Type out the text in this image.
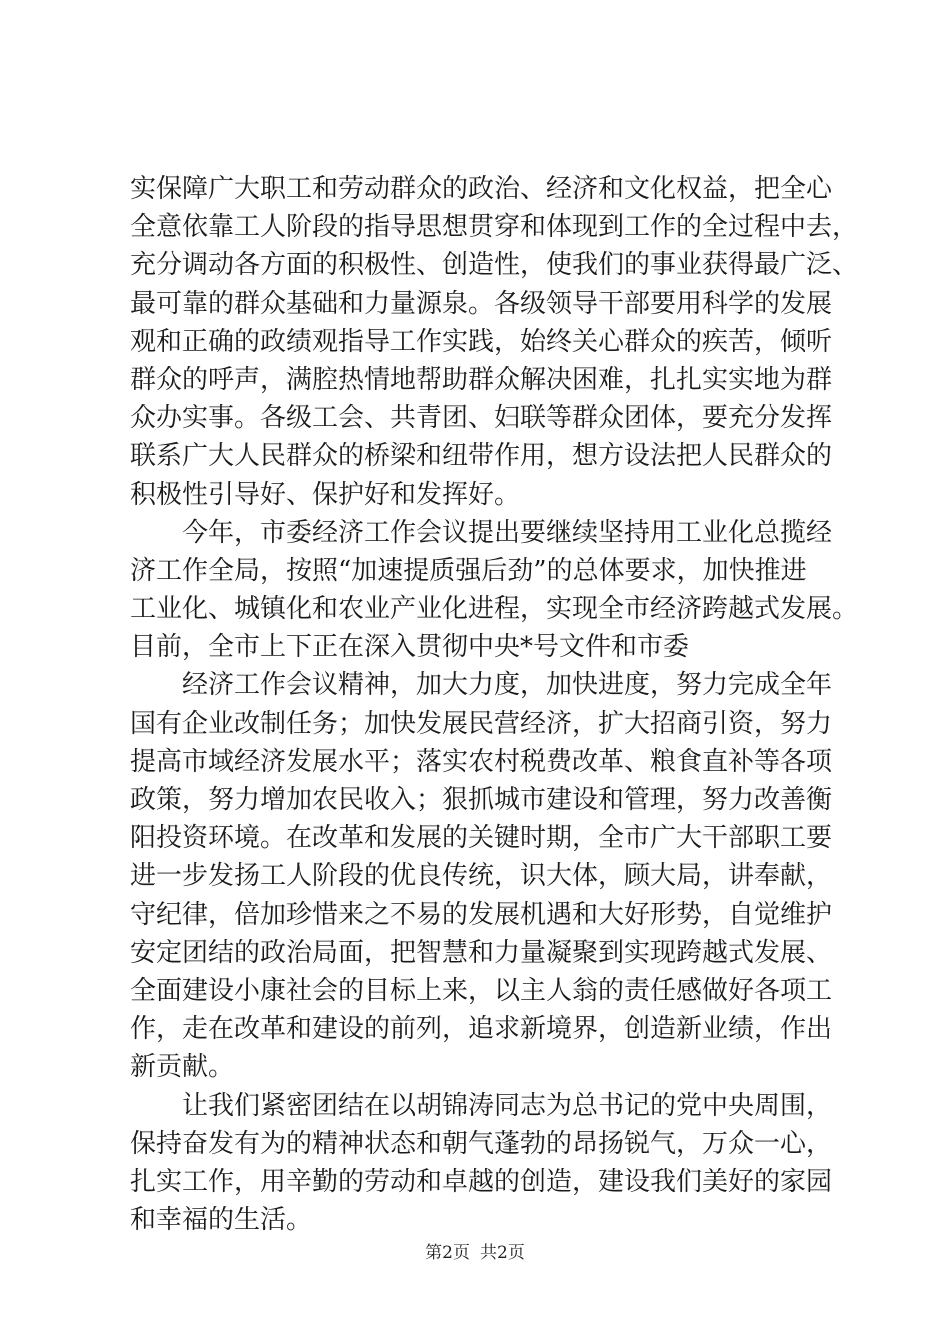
实保障广大职工和劳动群众的政治、经济和文化权益，把全心
全意依靠工人阶段的指导思想贯穿和体现到工作的全过程中去，
充分调动各方面的积极性、创造性，使我们的事业获得最广泛、
最可靠的群众基础和力量源泉。各级领导干部要用科学的发展
观和正确的政绩观指导工作实践，始终关心群众的疾苦，倾听
群众的呼声，满腔热情地帮助群众解决困难，扎扎实实地为群
众办实事。各级工会、共青团、妇联等群众团体，要充分发挥
联系广大人民群众的桥梁和纽带作用，想方设法把人民群众的
积极性引导好、保护好和发挥好。
今年，市委经济工作会议提出要继续坚持用工业化总揽经
济工作全局，按照“加速提质强后劲”的总体要求，加快推进
工业化、城镇化和农业产业化进程，实现全市经济跨越式发展。
目前，全市上下正在深入贯彻中央*号文件和市委
经济工作会议精神，加大力度，加快进度，努力完成全年
国有企业改制任务；加快发展民营经济，扩大招商引资，努力
提高市域经济发展水平；落实农村税费改革、粮食直补等各项
政策，努力增加农民收入；狠抓城市建设和管理，努力改善衡
阳投资环境。在改革和发展的关键时期，全市广大干部职工要
进一步发扬工人阶段的优良传统，识大体，顾大局，讲奉献，
守纪律，倍加珍惜来之不易的发展机遇和大好形势，自觉维护
安定团结的政治局面，把智慧和力量凝聚到实现跨越式发展、
全面建设小康社会的目标上来，以主人翁的责任感做好各项工
作，走在改革和建设的前列，追求新境界，创造新业绩，作出
新贡献。
让我们紧密团结在以胡锦涛同志为总书记的党中央周围，
保持奋发有为的精神状态和朝气蓬勃的昂扬锐气，万众一心，
扎实工作，用辛勤的劳动和卓越的创造，建设我们美好的家园
和幸福的生活。
第2页 共2页
